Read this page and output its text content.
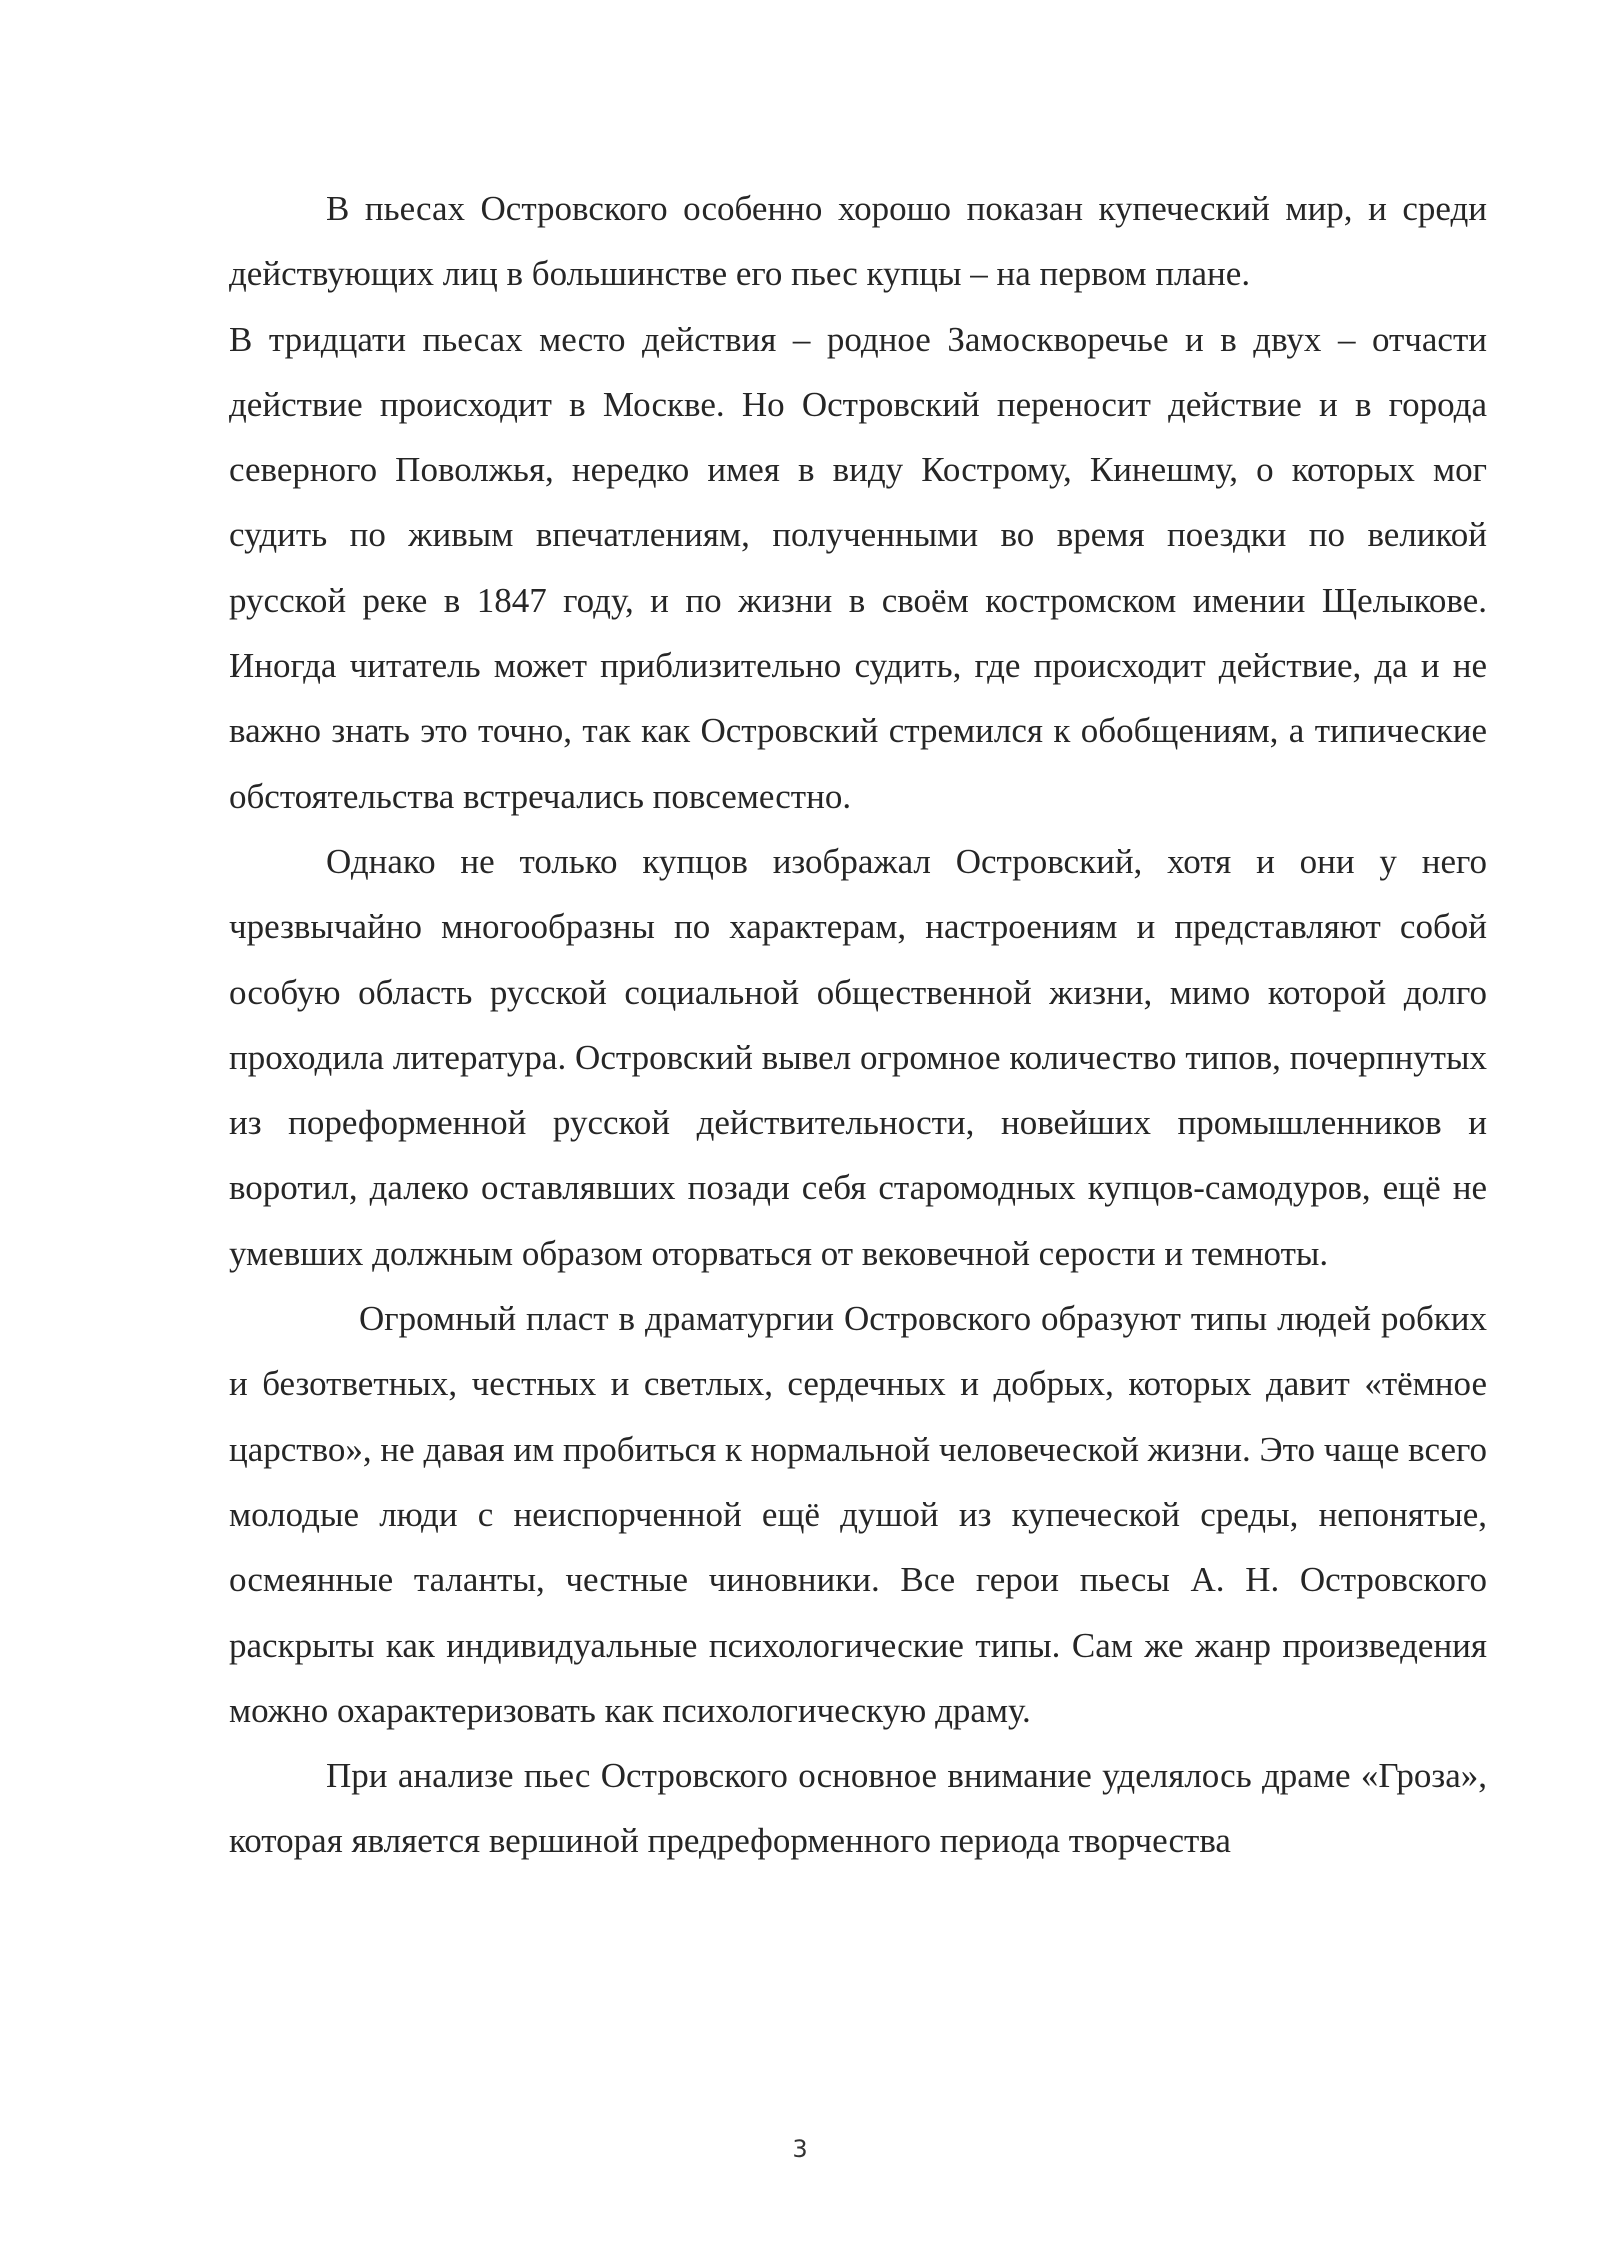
В пьесах Островского особенно хорошо показан купеческий мир, и среди действующих лиц в большинстве его пьес купцы – на первом плане.

В тридцати пьесах место действия – родное Замоскворечье и в двух – отчасти действие происходит в Москве. Но Островский переносит действие и в города северного Поволжья, нередко имея в виду Кострому, Кинешму, о которых мог судить по живым впечатлениям, полученными во время поездки по великой русской реке в 1847 году, и по жизни в своём костромском имении Щелыкове. Иногда читатель может приблизительно судить, где происходит действие, да и не важно знать это точно, так как Островский стремился к обобщениям, а типические обстоятельства встречались повсеместно.

Однако не только купцов изображал Островский, хотя и они у него чрезвычайно многообразны по характерам, настроениям и представляют собой особую область русской социальной общественной жизни, мимо которой долго проходила литература. Островский вывел огромное количество типов, почерпнутых из пореформенной русской действительности, новейших промышленников и воротил, далеко оставлявших позади себя старомодных купцов-самодуров, ещё не умевших должным образом оторваться от вековечной серости и темноты.

Огромный пласт в драматургии Островского образуют типы людей робких и безответных, честных и светлых, сердечных и добрых, которых давит «тёмное царство», не давая им пробиться к нормальной человеческой жизни. Это чаще всего молодые люди с неиспорченной ещё душой из купеческой среды, непонятые, осмеянные таланты, честные чиновники. Все герои пьесы А. Н. Островского раскрыты как индивидуальные психологические типы. Сам же жанр произведения можно охарактеризовать как психологическую драму.

При анализе пьес Островского основное внимание уделялось драме «Гроза», которая является вершиной предреформенного периода творчества

3
